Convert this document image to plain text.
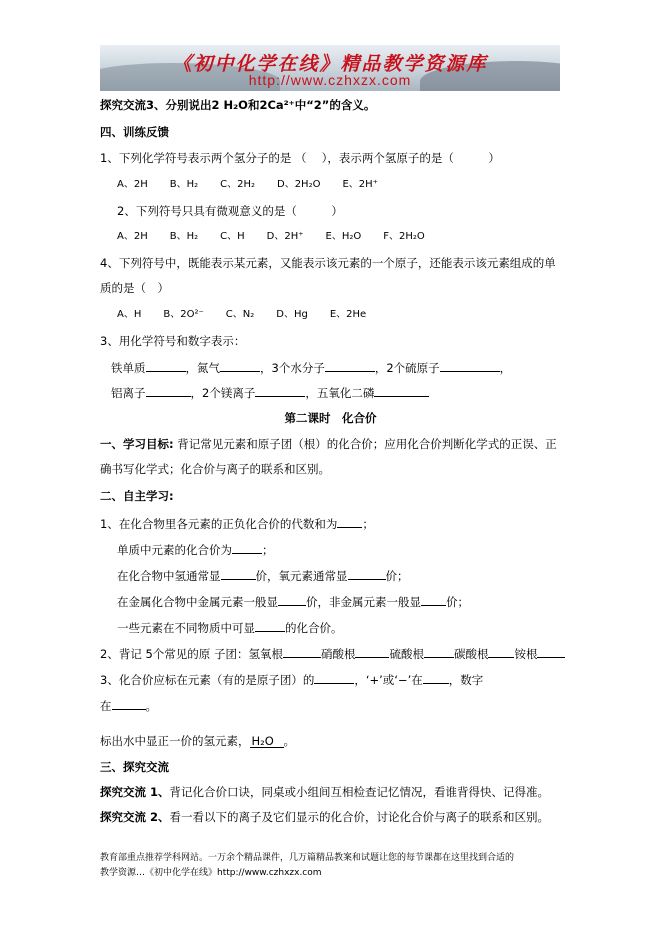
《初中化学在线》精品教学资源库
http://www.czhxzx.com
探究交流3、分别说出2 H₂O和2Ca²⁺中“2”的含义。
四、训练反馈
1、下列化学符号表示两个氢分子的是 （　 ），表示两个氢原子的是（　　　）
A、2H B、H₂ C、2H₂ D、2H₂O E、2H⁺
2、下列符号只具有微观意义的是（　　　）
A、2H B、H₂ C、H D、2H⁺ E、H₂O F、2H₂O
4、下列符号中，既能表示某元素，又能表示该元素的一个原子，还能表示该元素组成的单
质的是（　）
A、H B、2O²⁻ C、N₂ D、Hg E、2He
3、用化学符号和数字表示：
铁单质	，氮气	，3个水分子	，2个硫原子	，
铝离子	，2个镁离子	，五氧化二磷
第二课时　化合价
一、学习目标: 背记常见元素和原子团（根）的化合价；应用化合价判断化学式的正误、正
确书写化学式；化合价与离子的联系和区别。
二、自主学习:
1、在化合物里各元素的正负化合价的代数和为 ；
单质中元素的化合价为	；
在化合物中氢通常显	价，氧元素通常显	价；
在金属化合物中金属元素一般显 价，非金属元素一般显 价；
一些元素在不同物质中可显	的化合价。
2、背记 5个常见的原 子团：氢氧根	硝酸根	硫酸根	碳酸根 铵根
3、化合价应标在元素（有的是原子团）的	，‘+’或‘−’在 ，数字
在	。
标出水中显正一价的氢元素， H₂O 。
三、探究交流
探究交流 1、背记化合价口诀，同桌或小组间互相检查记忆情况，看谁背得快、记得准。
探究交流 2、看一看以下的离子及它们显示的化合价，讨论化合价与离子的联系和区别。
教育部重点推荐学科网站。一万余个精品课件，几万篇精品教案和试题让您的每节课都在这里找到合适的
教学资源…《初中化学在线》http://www.czhxzx.com
